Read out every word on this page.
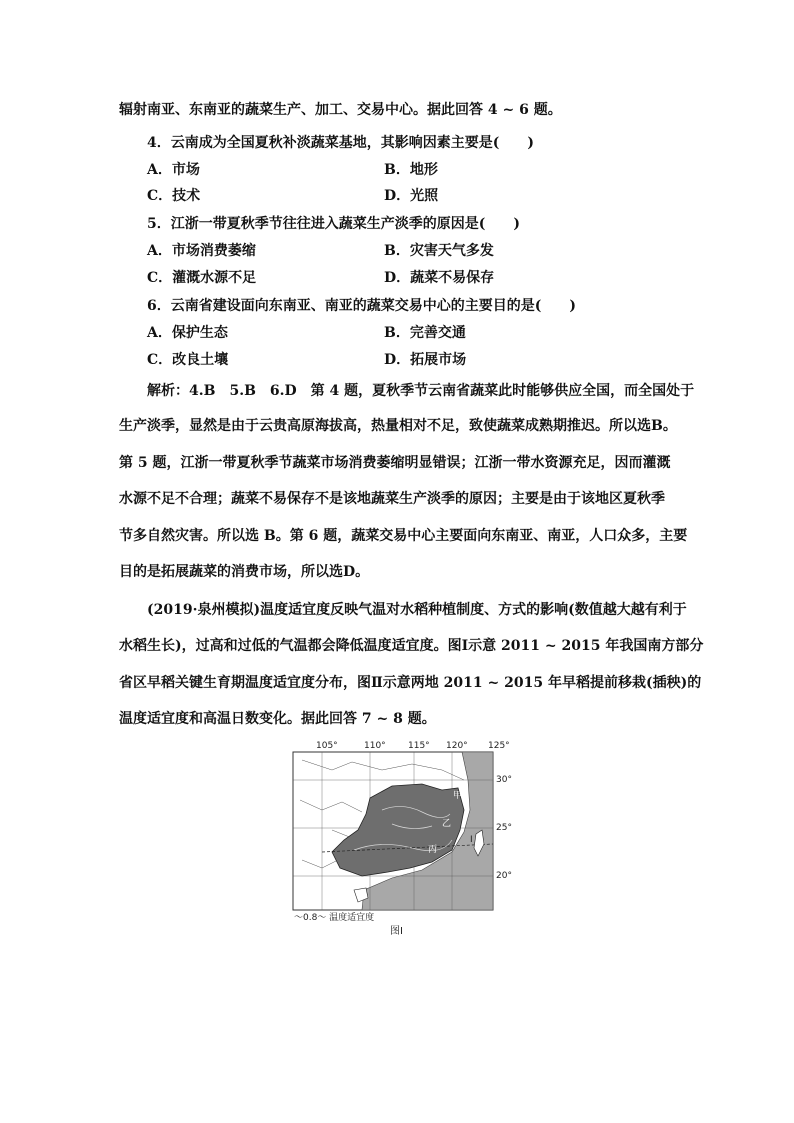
辐射南亚、东南亚的蔬菜生产、加工、交易中心。据此回答 4 ~ 6 题。
4．云南成为全国夏秋补淡蔬菜基地，其影响因素主要是(　　)
A．市场	B．地形
C．技术	D．光照
5．江浙一带夏秋季节往往进入蔬菜生产淡季的原因是(　　)
A．市场消费萎缩	B．灾害天气多发
C．灌溉水源不足	D．蔬菜不易保存
6．云南省建设面向东南亚、南亚的蔬菜交易中心的主要目的是(　　)
A．保护生态	B．完善交通
C．改良土壤	D．拓展市场
解析：4.B　5.B　6.D　第 4 题，夏秋季节云南省蔬菜此时能够供应全国，而全国处于
生产淡季，显然是由于云贵高原海拔高，热量相对不足，致使蔬菜成熟期推迟。所以选B。
第 5 题，江浙一带夏秋季节蔬菜市场消费萎缩明显错误；江浙一带水资源充足，因而灌溉
水源不足不合理；蔬菜不易保存不是该地蔬菜生产淡季的原因；主要是由于该地区夏秋季
节多自然灾害。所以选 B。第 6 题，蔬菜交易中心主要面向东南亚、南亚，人口众多，主要
目的是拓展蔬菜的消费市场，所以选D。
(2019·泉州模拟)温度适宜度反映气温对水稻种植制度、方式的影响(数值越大越有利于
水稻生长)，过高和过低的气温都会降低温度适宜度。图Ⅰ示意 2011 ~ 2015 年我国南方部分
省区早稻关键生育期温度适宜度分布，图Ⅱ示意两地 2011 ~ 2015 年早稻提前移栽(插秧)的
温度适宜度和高温日数变化。据此回答 7 ~ 8 题。
105°	110° 115° 120° 125°
甲
乙
丙
Ⅰ
30°
25°
20°
～0.8～ 温度适宜度
图Ⅰ
